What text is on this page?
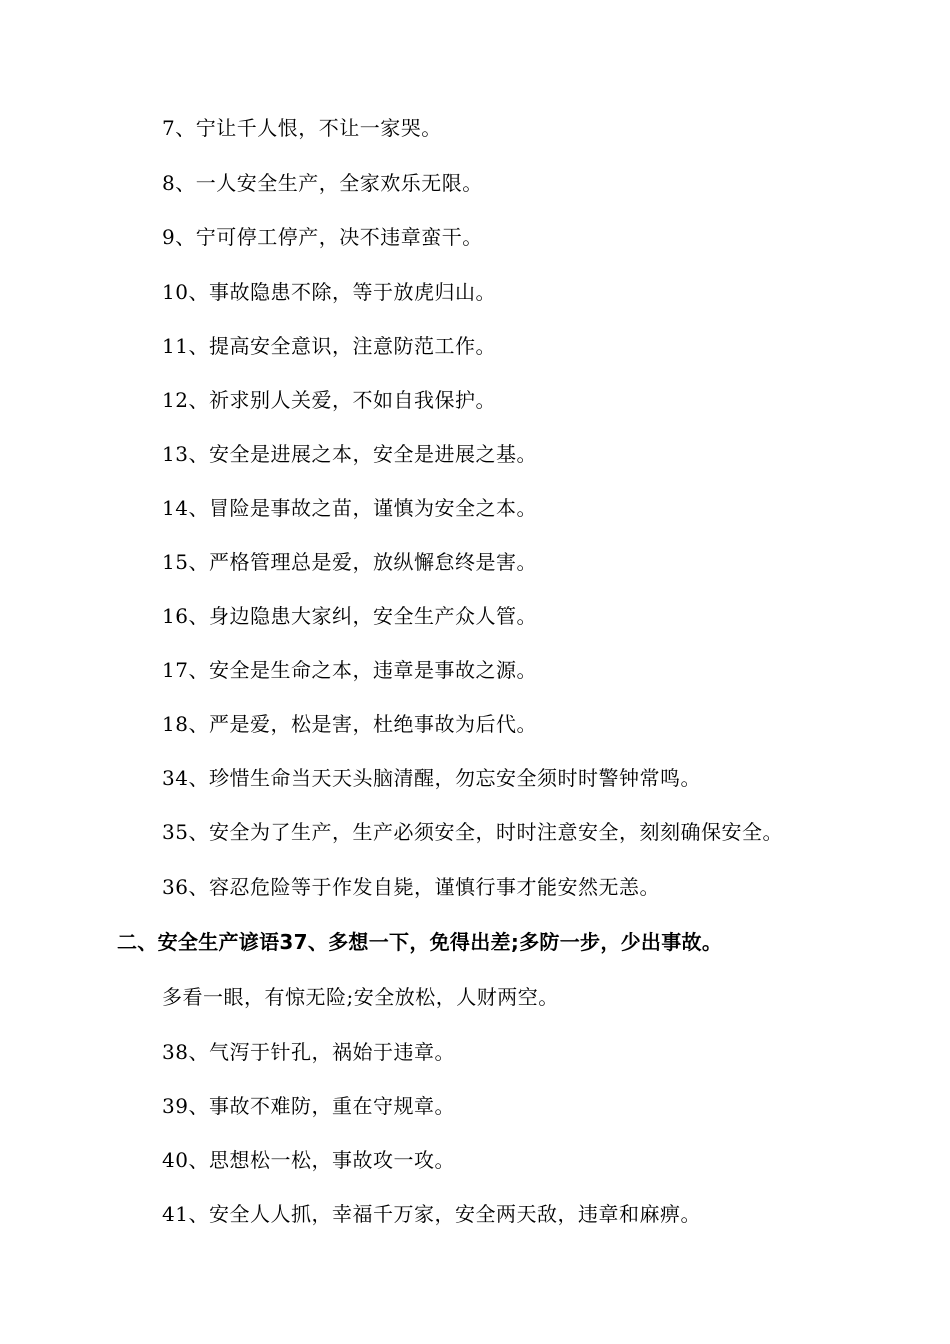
7、宁让千人恨，不让一家哭。
8、一人安全生产，全家欢乐无限。
9、宁可停工停产，决不违章蛮干。
10、事故隐患不除，等于放虎归山。
11、提高安全意识，注意防范工作。
12、祈求别人关爱，不如自我保护。
13、安全是进展之本，安全是进展之基。
14、冒险是事故之苗，谨慎为安全之本。
15、严格管理总是爱，放纵懈怠终是害。
16、身边隐患大家纠，安全生产众人管。
17、安全是生命之本，违章是事故之源。
18、严是爱，松是害，杜绝事故为后代。
34、珍惜生命当天天头脑清醒，勿忘安全须时时警钟常鸣。
35、安全为了生产，生产必须安全，时时注意安全，刻刻确保安全。
36、容忍危险等于作发自毙，谨慎行事才能安然无恙。
二、安全生产谚语37、多想一下，免得出差;多防一步，少出事故。
多看一眼，有惊无险;安全放松，人财两空。
38、气泻于针孔，祸始于违章。
39、事故不难防，重在守规章。
40、思想松一松，事故攻一攻。
41、安全人人抓，幸福千万家，安全两天敌，违章和麻痹。
